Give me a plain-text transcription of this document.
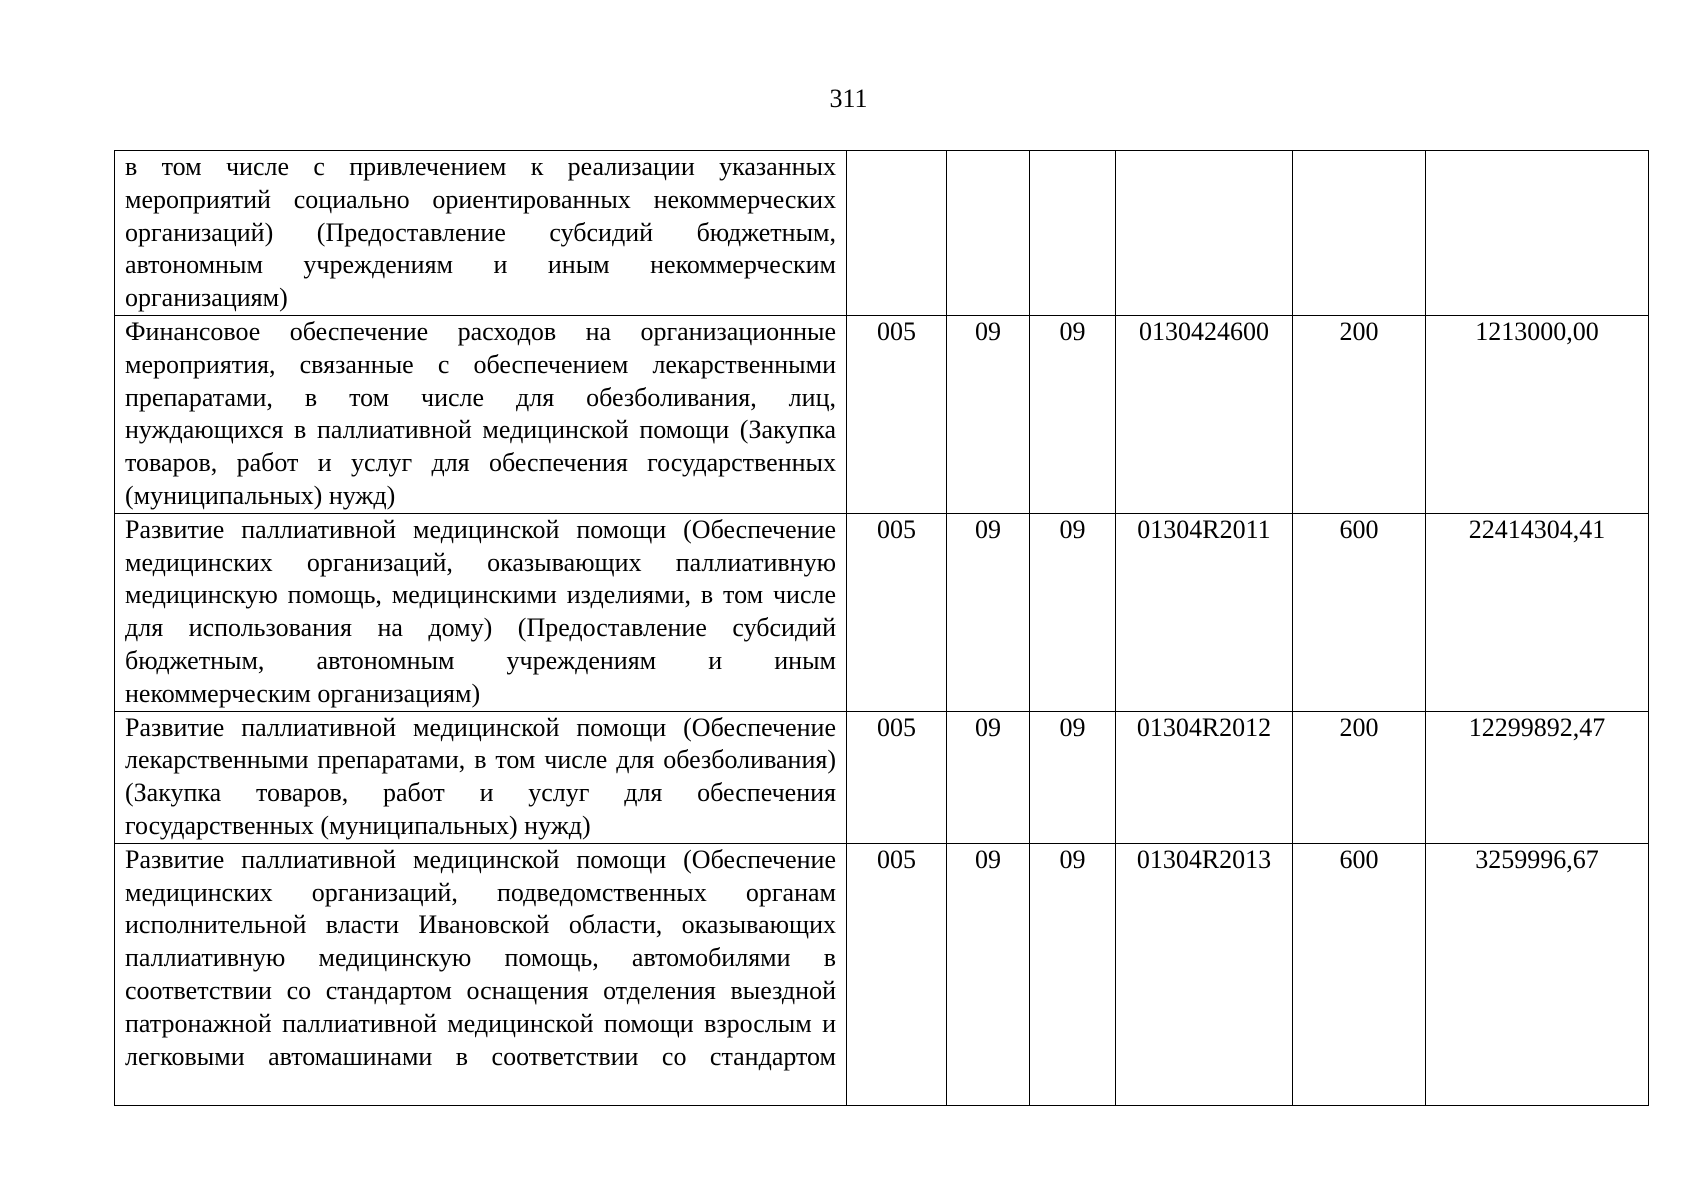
311
в том числе с привлечением к реализации указанных мероприятий социально ориентированных некоммерческих организаций) (Предоставление субсидий бюджетным, автономным учреждениям и иным некоммерческим организациям)						
Финансовое обеспечение расходов на организационные мероприятия, связанные с обеспечением лекарственными препаратами, в том числе для обезболивания, лиц, нуждающихся в паллиативной медицинской помощи (Закупка товаров, работ и услуг для обеспечения государственных (муниципальных) нужд)	005	09	09	0130424600	200	1213000,00
Развитие паллиативной медицинской помощи (Обеспечение медицинских организаций, оказывающих паллиативную медицинскую помощь, медицинскими изделиями, в том числе для использования на дому) (Предоставление субсидий бюджетным, автономным учреждениям и иным некоммерческим организациям)	005	09	09	01304R2011	600	22414304,41
Развитие паллиативной медицинской помощи (Обеспечение лекарственными препаратами, в том числе для обезболивания) (Закупка товаров, работ и услуг для обеспечения государственных (муниципальных) нужд)	005	09	09	01304R2012	200	12299892,47
Развитие паллиативной медицинской помощи (Обеспечение медицинских организаций, подведомственных органам исполнительной власти Ивановской области, оказывающих паллиативную медицинскую помощь, автомобилями в соответствии со стандартом оснащения отделения выездной патронажной паллиативной медицинской помощи взрослым и легковыми автомашинами в соответствии со стандартом	005	09	09	01304R2013	600	3259996,67
